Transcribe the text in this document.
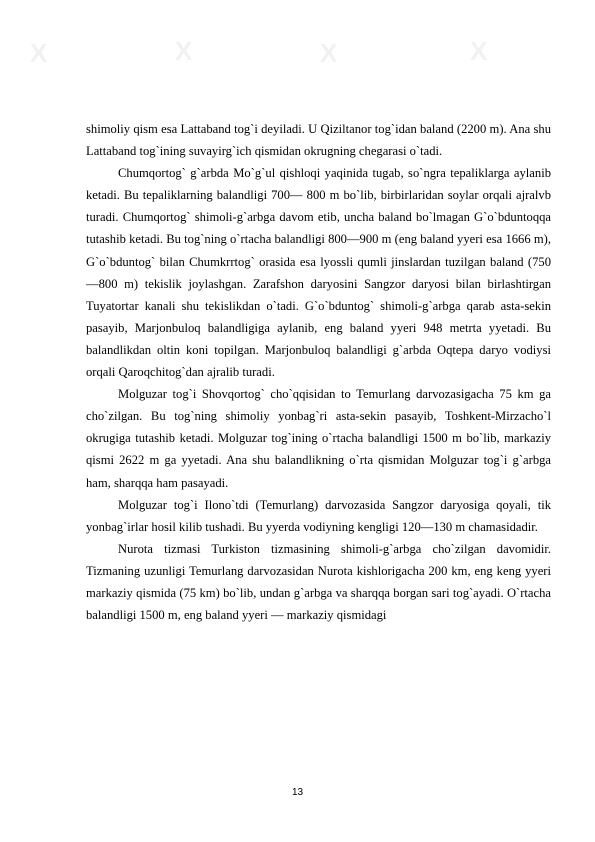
X	X	X	X

shimoliy qism esa Lattaband tog`i deyiladi. U Qiziltanor tog`idan baland (2200 m). Ana shu Lattaband tog`ining suvayirg`ich qismidan okrugning chegarasi o`tadi.

Chumqortog` g`arbda Mo`g`ul qishloqi yaqinida tugab, so`ngra tepaliklarga aylanib ketadi. Bu tepaliklarning balandligi 700— 800 m bo`lib, birbirlaridan soylar orqali ajralvb turadi. Chumqortog` shimoli-g`arbga davom etib, uncha baland bo`lmagan G`o`bduntoqqa tutashib ketadi. Bu tog`ning o`rtacha balandligi 800—900 m (eng baland yyeri esa 1666 m), G`o`bduntog` bilan Chumkrrtog` orasida esa lyossli qumli jinslardan tuzilgan baland (750—800 m) tekislik joylashgan. Zarafshon daryosini Sangzor daryosi bilan birlashtirgan Tuyatortar kanali shu tekislikdan o`tadi. G`o`bduntog` shimoli-g`arbga qarab asta-sekin pasayib, Marjonbuloq balandligiga aylanib, eng baland yyeri 948 metrta yyetadi. Bu balandlikdan oltin koni topilgan. Marjonbuloq balandligi g`arbda Oqtepa daryo vodiysi orqali Qaroqchitog`dan ajralib turadi.

Molguzar tog`i Shovqortog` cho`qqisidan to Temurlang darvozasigacha 75 km ga cho`zilgan. Bu tog`ning shimoliy yonbag`ri asta-sekin pasayib, Toshkent-Mirzacho`l okrugiga tutashib ketadi. Molguzar tog`ining o`rtacha balandligi 1500 m bo`lib, markaziy qismi 2622 m ga yyetadi. Ana shu balandlikning o`rta qismidan Molguzar tog`i g`arbga ham, sharqqa ham pasayadi.

Molguzar tog`i Ilono`tdi (Temurlang) darvozasida Sangzor daryosiga qoyali, tik yonbag`irlar hosil kilib tushadi. Bu yyerda vodiyning kengligi 120—130 m chamasidadir.

Nurota tizmasi Turkiston tizmasining shimoli-g`arbga cho`zilgan davomidir. Tizmaning uzunligi Temurlang darvozasidan Nurota kishlorigacha 200 km, eng keng yyeri markaziy qismida (75 km) bo`lib, undan g`arbga va sharqqa borgan sari tog`ayadi. O`rtacha balandligi 1500 m, eng baland yyeri — markaziy qismidagi

13
